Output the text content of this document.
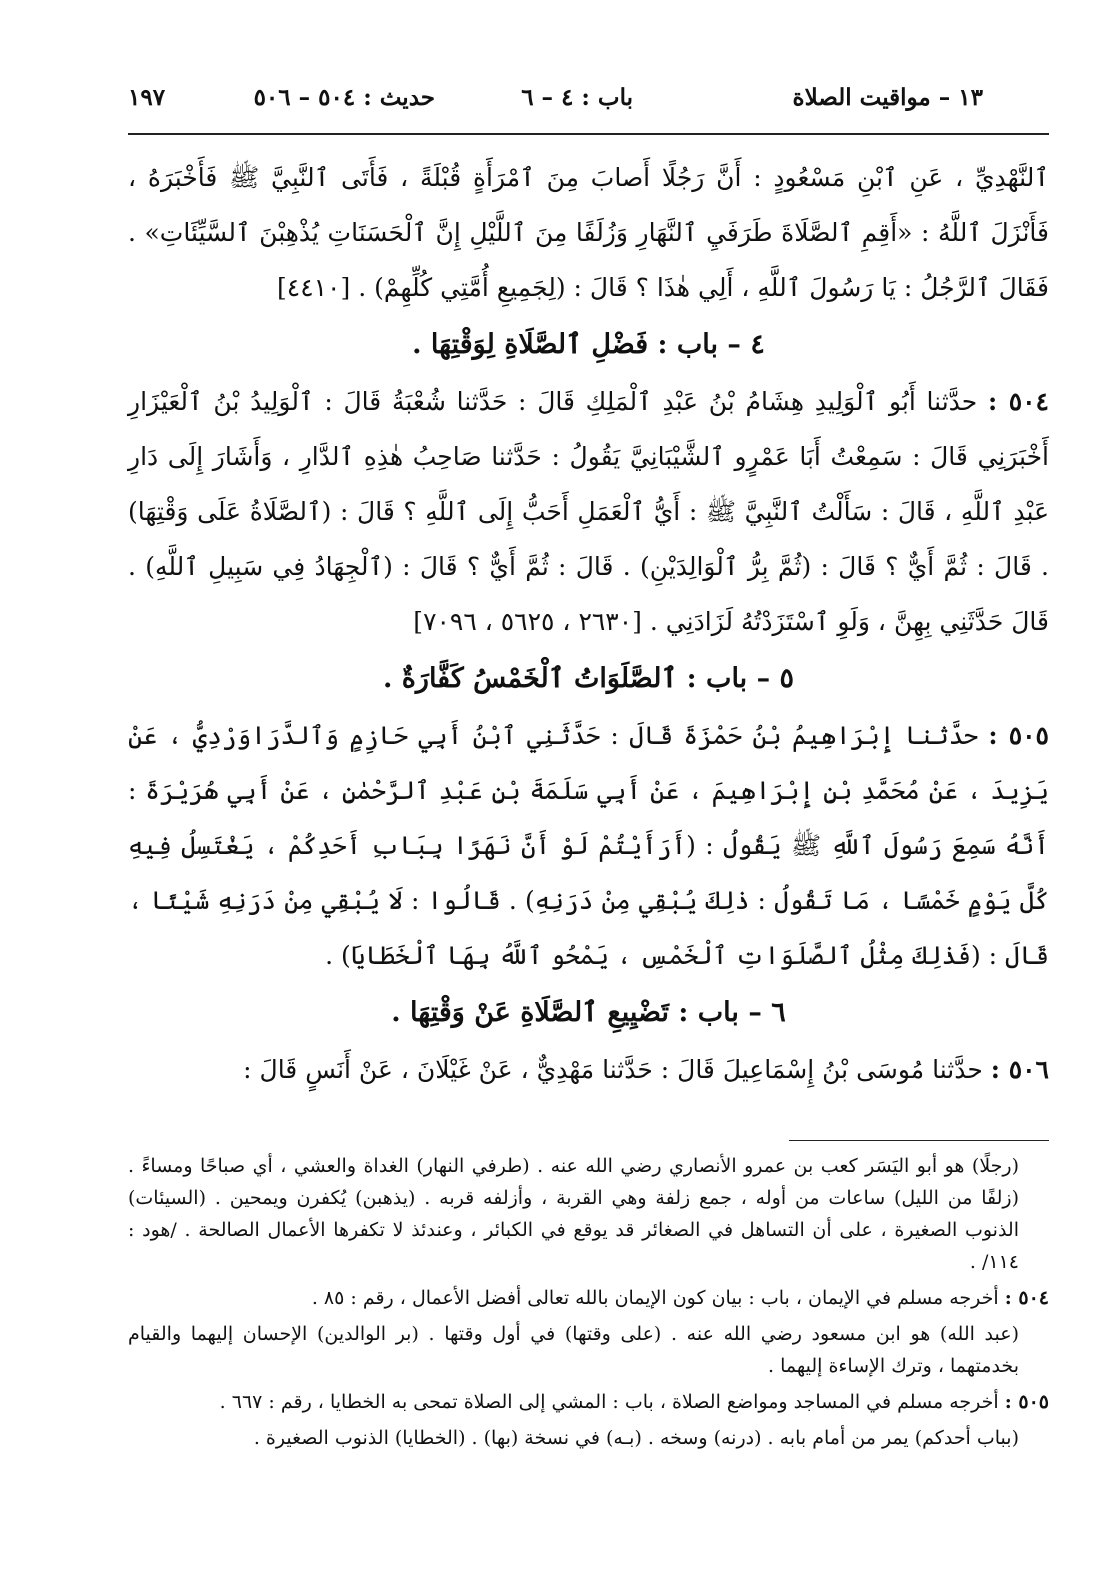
١٣ – مواقيت الصلاة
باب : ٤ – ٦
حديث : ٥٠٤ – ٥٠٦
١٩٧

ٱلنَّهْدِيِّ ، عَنِ ٱبْنِ مَسْعُودٍ : أَنَّ رَجُلًا أَصابَ مِنَ ٱمْرَأَةٍ قُبْلَةً ، فَأَتَى ٱلنَّبِيَّ ﷺ فَأَخْبَرَهُ ، فَأَنْزَلَ ٱللَّهُ : «أَقِمِ ٱلصَّلَاةَ طَرَفَيِ ٱلنَّهَارِ وَزُلَفًا مِنَ ٱللَّيْلِ إِنَّ ٱلْحَسَنَاتِ يُذْهِبْنَ ٱلسَّيِّئَاتِ» . فَقَالَ ٱلرَّجُلُ : يَا رَسُولَ ٱللَّهِ ، أَلِي هٰذَا ؟ قَالَ : (لِجَمِيعِ أُمَّتِي كُلِّهِمْ) . [٤٤١٠]

٤ – باب : فَضْلِ ٱلصَّلَاةِ لِوَقْتِهَا .

٥٠٤ : حدَّثنا أَبُو ٱلْوَلِيدِ هِشَامُ بْنُ عَبْدِ ٱلْمَلِكِ قَالَ : حَدَّثنا شُعْبَةُ قَالَ : ٱلْوَلِيدُ بْنُ ٱلْعَيْزَارِ أَخْبَرَنِي قَالَ : سَمِعْتُ أَبَا عَمْرٍو ٱلشَّيْبَانِيَّ يَقُولُ : حَدَّثنا صَاحِبُ هٰذِهِ ٱلدَّارِ ، وَأَشَارَ إِلَى دَارِ عَبْدِ ٱللَّهِ ، قَالَ : سَأَلْتُ ٱلنَّبِيَّ ﷺ : أَيُّ ٱلْعَمَلِ أَحَبُّ إِلَى ٱللَّهِ ؟ قَالَ : (ٱلصَّلَاةُ عَلَى وَقْتِهَا) . قَالَ : ثُمَّ أَيٌّ ؟ قَالَ : (ثُمَّ بِرُّ ٱلْوَالِدَيْنِ) . قَالَ : ثُمَّ أَيٌّ ؟ قَالَ : (ٱلْجِهَادُ فِي سَبِيلِ ٱللَّهِ) . قَالَ حَدَّثَنِي بِهِنَّ ، وَلَوِ ٱسْتَزَدْتُهُ لَزَادَنِي . [٢٦٣٠ ، ٥٦٢٥ ، ٧٠٩٦]

٥ – باب : ٱلصَّلَوَاتُ ٱلْخَمْسُ كَفَّارَةٌ .

٥٠٥ : حدَّثنا إِبْرَاهِيمُ بْنُ حَمْزَةَ قَالَ : حَدَّثَنِي ٱبْنُ أَبِي حَازِمٍ وَٱلدَّرَاوَرْدِيُّ ، عَنْ يَزِيدَ ، عَنْ مُحَمَّدِ بْنِ إِبْرَاهِيمَ ، عَنْ أَبِي سَلَمَةَ بْنِ عَبْدِ ٱلرَّحْمٰنِ ، عَنْ أَبِي هُرَيْرَةَ : أَنَّهُ سَمِعَ رَسُولَ ٱللَّهِ ﷺ يَقُولُ : (أَرَأَيْتُمْ لَوْ أَنَّ نَهَرًا بِبَابِ أَحَدِكُمْ ، يَغْتَسِلُ فِيهِ كُلَّ يَوْمٍ خَمْسًا ، مَا تَقُولُ : ذٰلِكَ يُبْقِي مِنْ دَرَنِهِ) . قَالُوا : لَا يُبْقِي مِنْ دَرَنِهِ شَيْئًا ، قَالَ : (فَذٰلِكَ مِثْلُ ٱلصَّلَوَاتِ ٱلْخَمْسِ ، يَمْحُو ٱللَّهُ بِهَا ٱلْخَطَايَا) .

٦ – باب : تَضْيِيعِ ٱلصَّلَاةِ عَنْ وَقْتِهَا .

٥٠٦ : حدَّثنا مُوسَى بْنُ إِسْمَاعِيلَ قَالَ : حَدَّثنا مَهْدِيٌّ ، عَنْ غَيْلَانَ ، عَنْ أَنَسٍ قَالَ :

(رجلًا) هو أبو اليَسَر كعب بن عمرو الأنصاري رضي الله عنه . (طرفي النهار) الغداة والعشي ، أي صباحًا ومساءً . (زلفًا من الليل) ساعات من أوله ، جمع زلفة وهي القربة ، وأزلفه قربه . (يذهبن) يُكفرن ويمحين . (السيئات) الذنوب الصغيرة ، على أن التساهل في الصغائر قد يوقع في الكبائر ، وعندئذ لا تكفرها الأعمال الصالحة . /هود : ١١٤/ .

٥٠٤ : أخرجه مسلم في الإيمان ، باب : بيان كون الإيمان بالله تعالى أفضل الأعمال ، رقم : ٨٥ .

(عبد الله) هو ابن مسعود رضي الله عنه . (على وقتها) في أول وقتها . (بر الوالدين) الإحسان إليهما والقيام بخدمتهما ، وترك الإساءة إليهما .

٥٠٥ : أخرجه مسلم في المساجد ومواضع الصلاة ، باب : المشي إلى الصلاة تمحى به الخطايا ، رقم : ٦٦٧ .

(بباب أحدكم) يمر من أمام بابه . (درنه) وسخه . (بـه) في نسخة (بها) . (الخطايا) الذنوب الصغيرة .
